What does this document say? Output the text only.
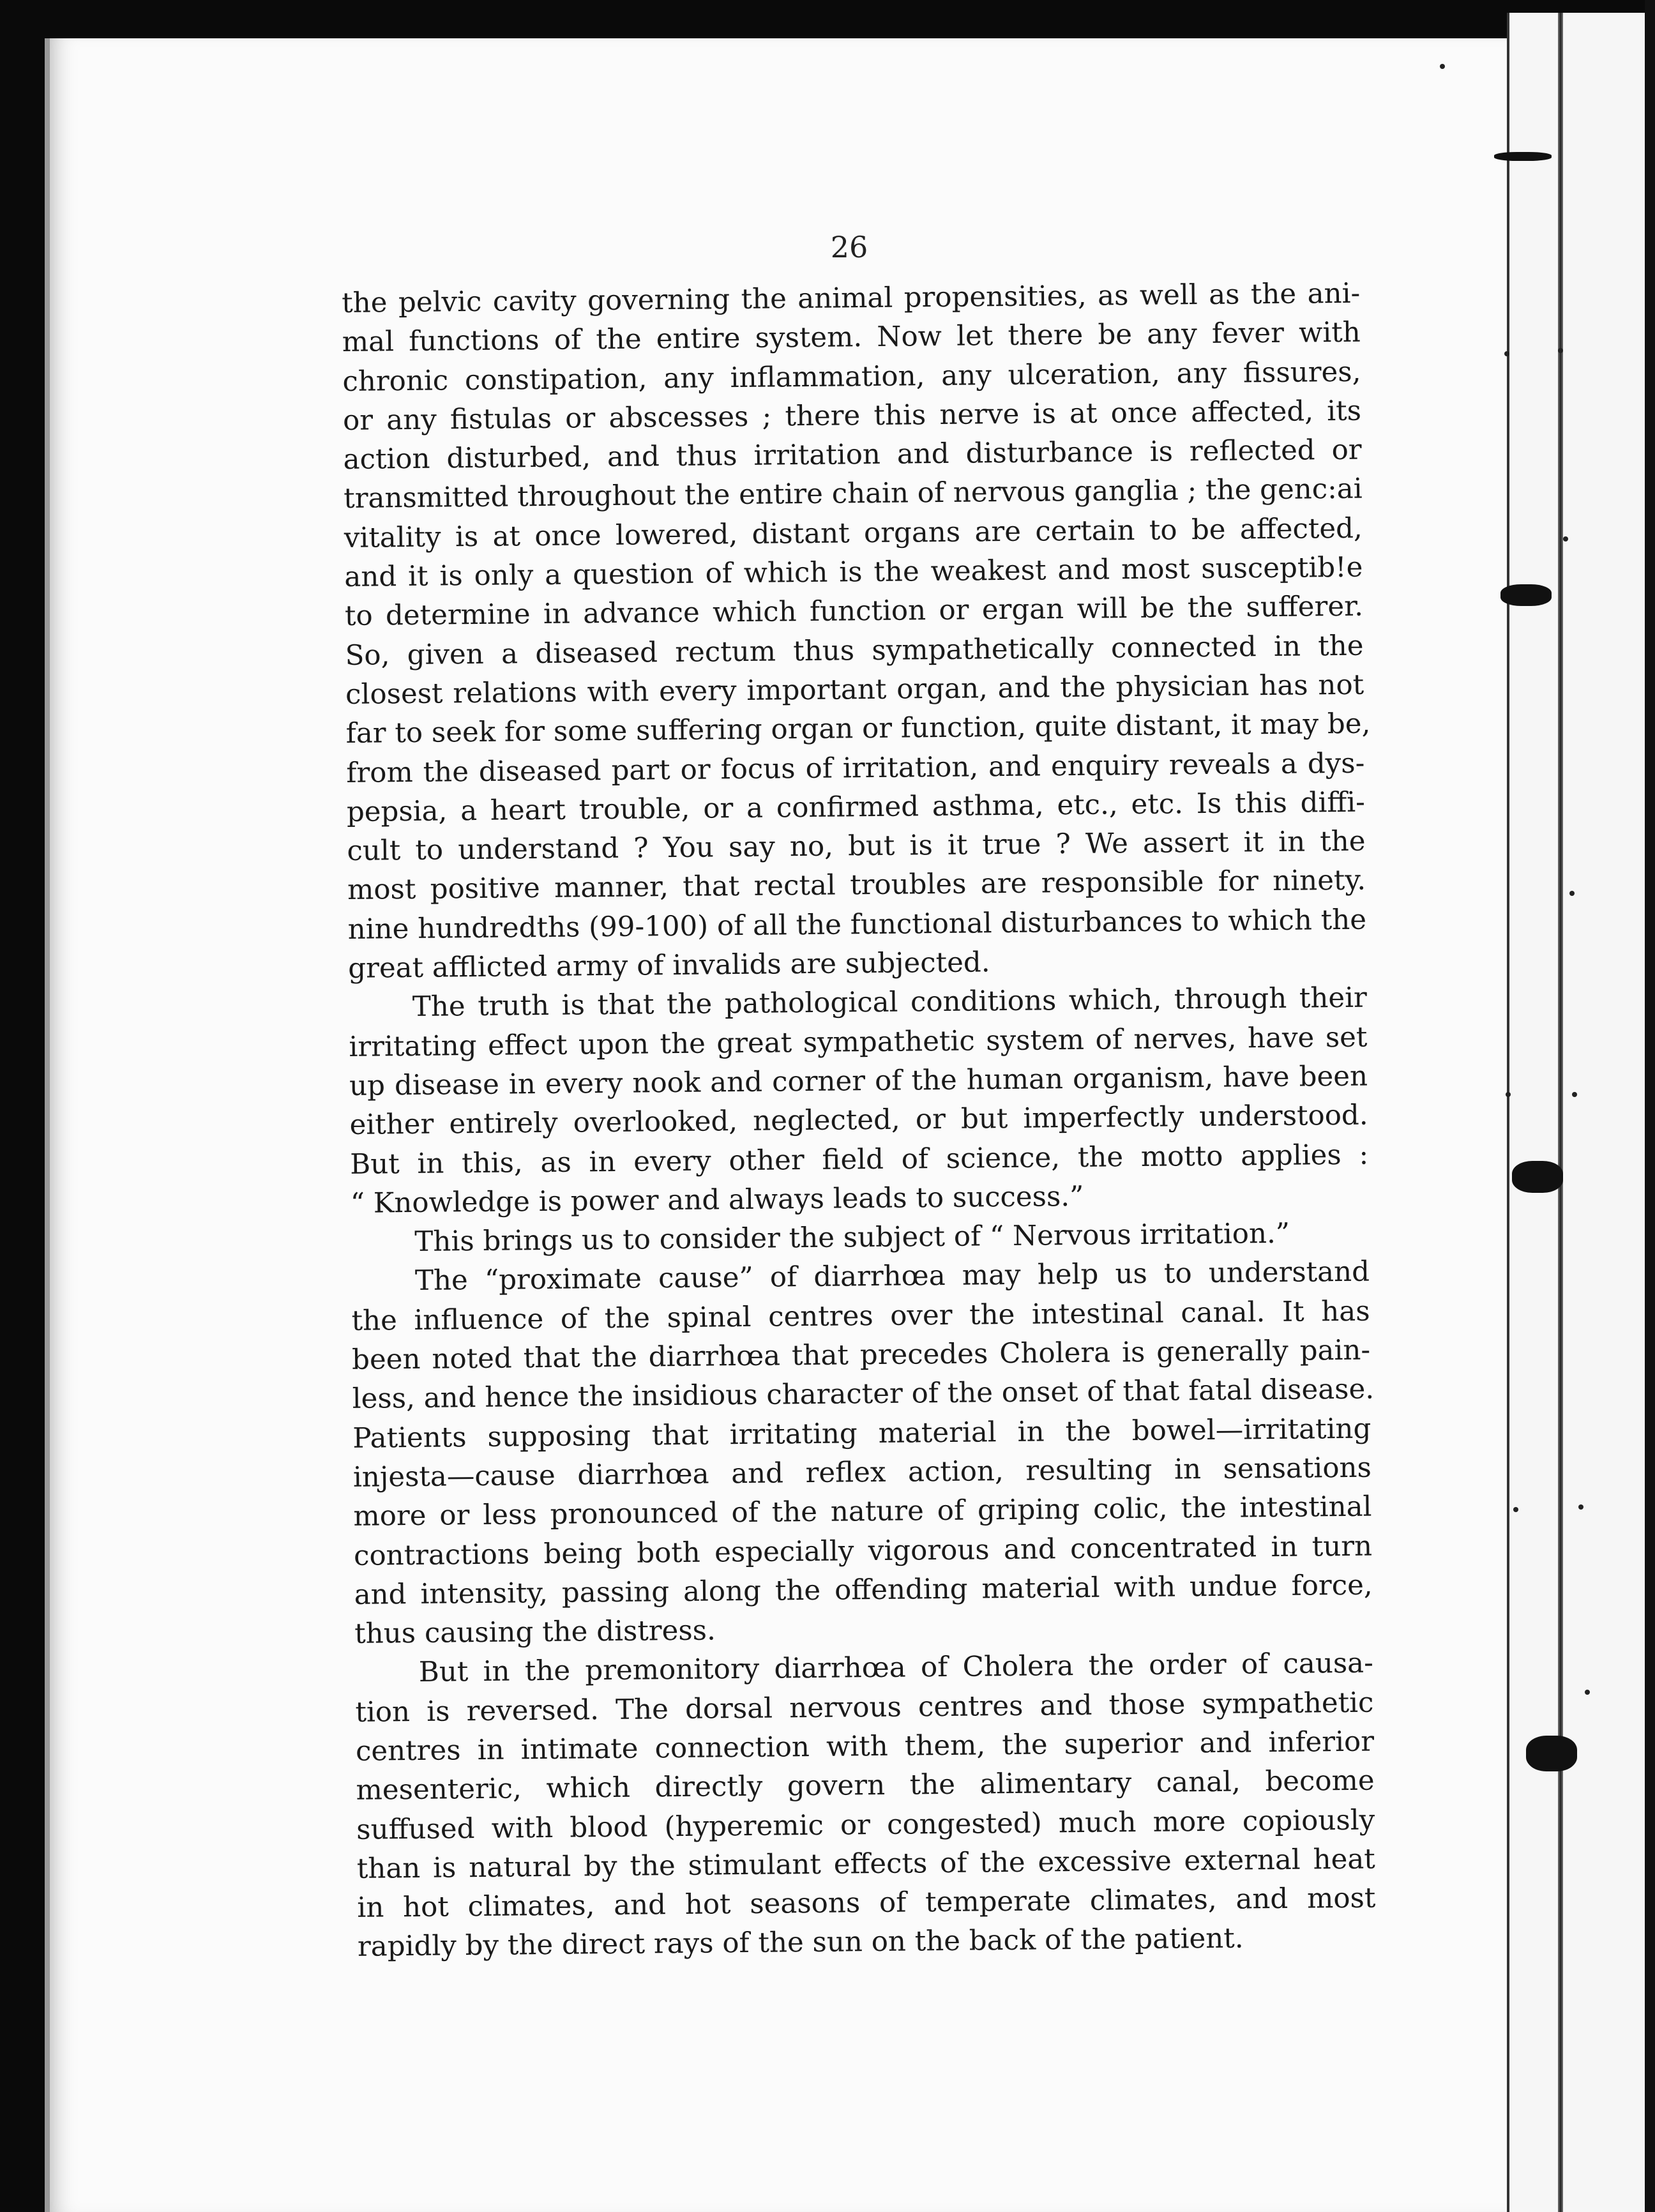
26
the pelvic cavity governing the animal propensities, as well as the ani-
mal functions of the entire system. Now let there be any fever with
chronic constipation, any inflammation, any ulceration, any fissures,
or any fistulas or abscesses ; there this nerve is at once affected, its
action disturbed, and thus irritation and disturbance is reflected or
transmitted throughout the entire chain of nervous ganglia ; the genc:ai
vitality is at once lowered, distant organs are certain to be affected,
and it is only a question of which is the weakest and most susceptib!e
to determine in advance which function or ergan will be the sufferer.
So, given a diseased rectum thus sympathetically connected in the
closest relations with every important organ, and the physician has not
far to seek for some suffering organ or function, quite distant, it may be,
from the diseased part or focus of irritation, and enquiry reveals a dys-
pepsia, a heart trouble, or a confirmed asthma, etc., etc. Is this diffi-
cult to understand ? You say no, but is it true ? We assert it in the
most positive manner, that rectal troubles are responsible for ninety.
nine hundredths (99-100) of all the functional disturbances to which the
great afflicted army of invalids are subjected.
The truth is that the pathological conditions which, through their
irritating effect upon the great sympathetic system of nerves, have set
up disease in every nook and corner of the human organism, have been
either entirely overlooked, neglected, or but imperfectly understood.
But in this, as in every other field of science, the motto applies :
“ Knowledge is power and always leads to success.”
This brings us to consider the subject of “ Nervous irritation.”
The “proximate cause” of diarrhœa may help us to understand
the influence of the spinal centres over the intestinal canal. It has
been noted that the diarrhœa that precedes Cholera is generally pain-
less, and hence the insidious character of the onset of that fatal disease.
Patients supposing that irritating material in the bowel—irritating
injesta—cause diarrhœa and reflex action, resulting in sensations
more or less pronounced of the nature of griping colic, the intestinal
contractions being both especially vigorous and concentrated in turn
and intensity, passing along the offending material with undue force,
thus causing the distress.
But in the premonitory diarrhœa of Cholera the order of causa-
tion is reversed. The dorsal nervous centres and those sympathetic
centres in intimate connection with them, the superior and inferior
mesenteric, which directly govern the alimentary canal, become
suffused with blood (hyperemic or congested) much more copiously
than is natural by the stimulant effects of the excessive external heat
in hot climates, and hot seasons of temperate climates, and most
rapidly by the direct rays of the sun on the back of the patient.
